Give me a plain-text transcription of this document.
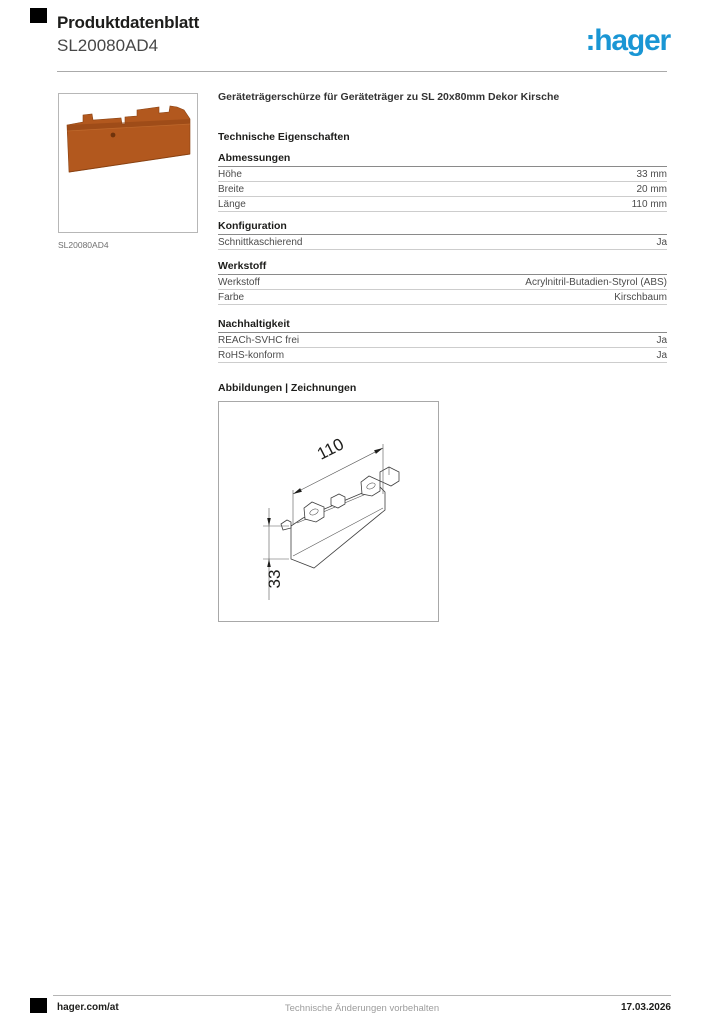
Produktdatenblatt
SL20080AD4	:hager
SL20080AD4
Geräteträgerschürze für Geräteträger zu SL 20x80mm Dekor Kirsche
Technische Eigenschaften
Abmessungen
Höhe	33 mm
Breite	20 mm
Länge	110 mm
Konfiguration
Schnittkaschierend	Ja
Werkstoff
Werkstoff	Acrylnitril-Butadien-Styrol (ABS)
Farbe	Kirschbaum
Nachhaltigkeit
REACh-SVHC frei	Ja
RoHS-konform	Ja
Abbildungen | Zeichnungen
110
33
hager.com/at	Technische Änderungen vorbehalten	17.03.2026
